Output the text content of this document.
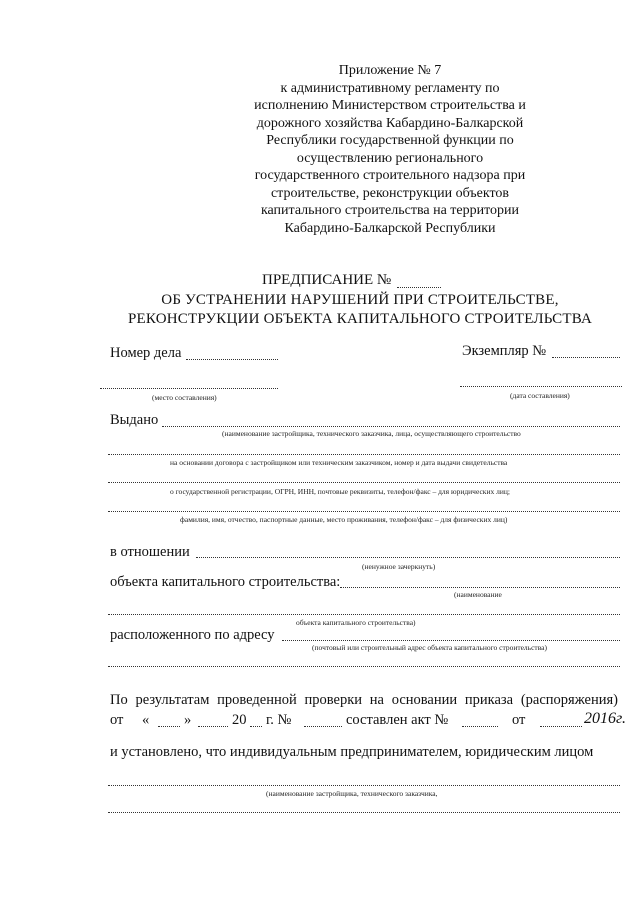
Приложение № 7
к административному регламенту по
исполнению Министерством строительства и
дорожного хозяйства Кабардино-Балкарской
Республики государственной функции по
осуществлению регионального
государственного строительного надзора при
строительстве, реконструкции объектов
капитального строительства на территории
Кабардино-Балкарской Республики
ПРЕДПИСАНИЕ №
ОБ УСТРАНЕНИИ НАРУШЕНИЙ ПРИ СТРОИТЕЛЬСТВЕ,
РЕКОНСТРУКЦИИ ОБЪЕКТА КАПИТАЛЬНОГО СТРОИТЕЛЬСТВА
Номер дела	Экземпляр №
(место составления)	(дата составления)
Выдано
(наименование застройщика, технического заказчика, лица, осуществляющего строительство
на основании договора с застройщиком или техническим заказчиком, номер и дата выдачи свидетельства
о государственной регистрации, ОГРН, ИНН, почтовые реквизиты, телефон/факс – для юридических лиц;
фамилия, имя, отчество, паспортные данные, место проживания, телефон/факс – для физических лиц)
в отношении
(ненужное зачеркнуть)
объекта капитального строительства:
(наименование
объекта капитального строительства)
расположенного по адресу
(почтовый или строительный адрес объекта капитального строительства)
По результатам проведенной проверки на основании приказа (распоряжения)
от « »	20 г. №	составлен акт №	от	2016г.
и установлено, что индивидуальным предпринимателем, юридическим лицом
(наименование застройщика, технического заказчика,
